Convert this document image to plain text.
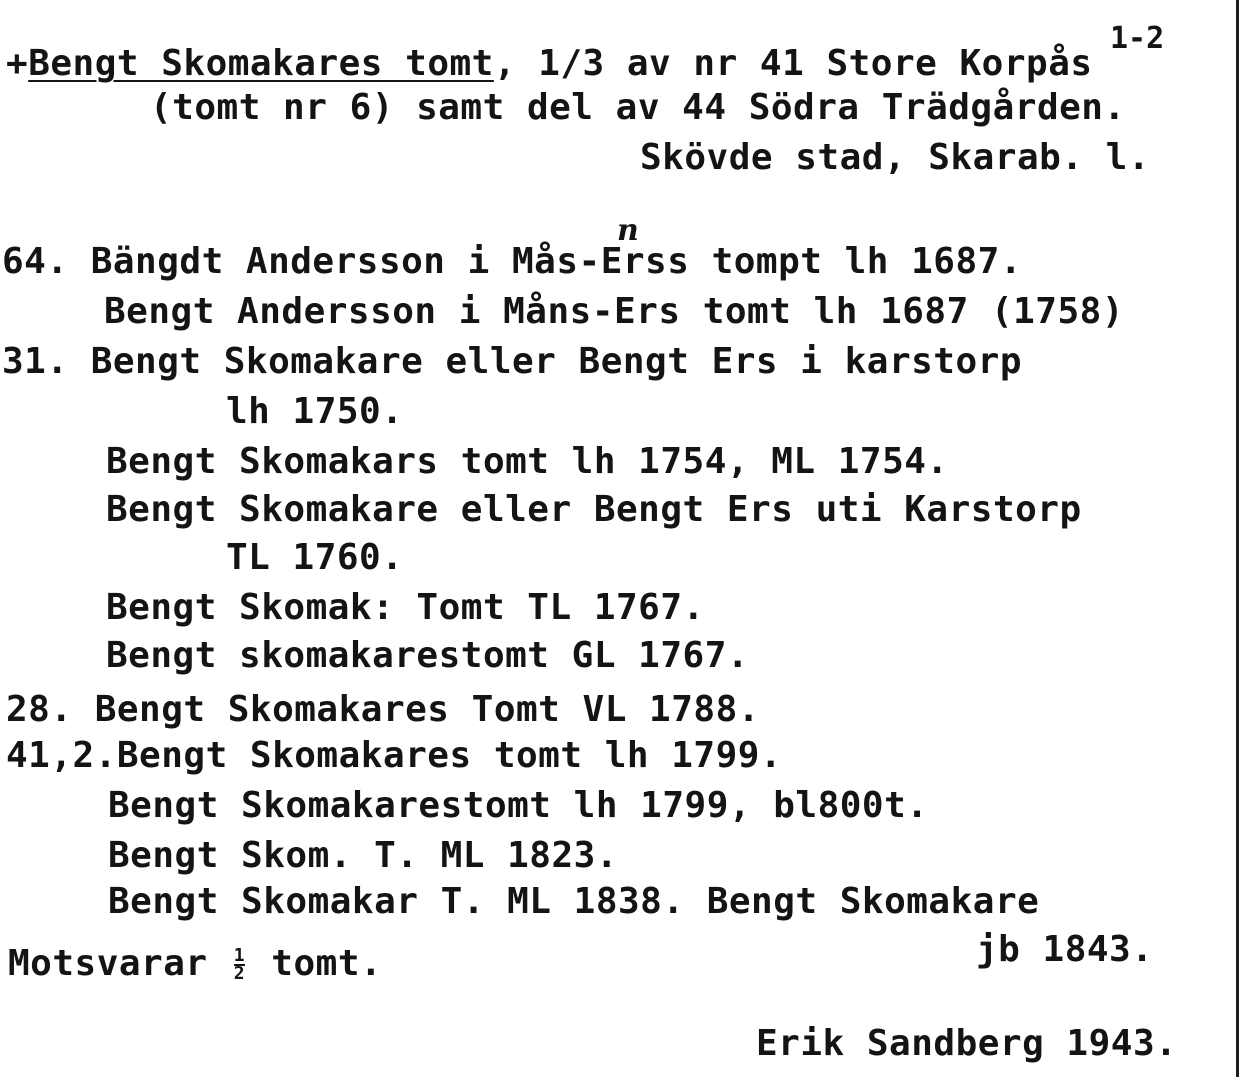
+Bengt Skomakares tomt, 1/3 av nr 41 Store Korpås
1-2
(tomt nr 6) samt del av 44 Södra Trädgården.
Skövde stad, Skarab. l.
64. Bängdt Andersson i Mås-Erss tompt lh 1687.
n
Bengt Andersson i Måns-Ers tomt lh 1687 (1758)
31. Bengt Skomakare eller Bengt Ers i karstorp
lh 1750.
Bengt Skomakars tomt lh 1754, ML 1754.
Bengt Skomakare eller Bengt Ers uti Karstorp
TL 1760.
Bengt Skomak: Tomt TL 1767.
Bengt skomakarestomt GL 1767.
28. Bengt Skomakares Tomt VL 1788.
41,2.Bengt Skomakares tomt lh 1799.
Bengt Skomakarestomt lh 1799, bl800t.
Bengt Skom. T. ML 1823.
Bengt Skomakar T. ML 1838. Bengt Skomakare
jb 1843.
Motsvarar $\frac{1}{2}$ tomt.
Erik Sandberg 1943.
